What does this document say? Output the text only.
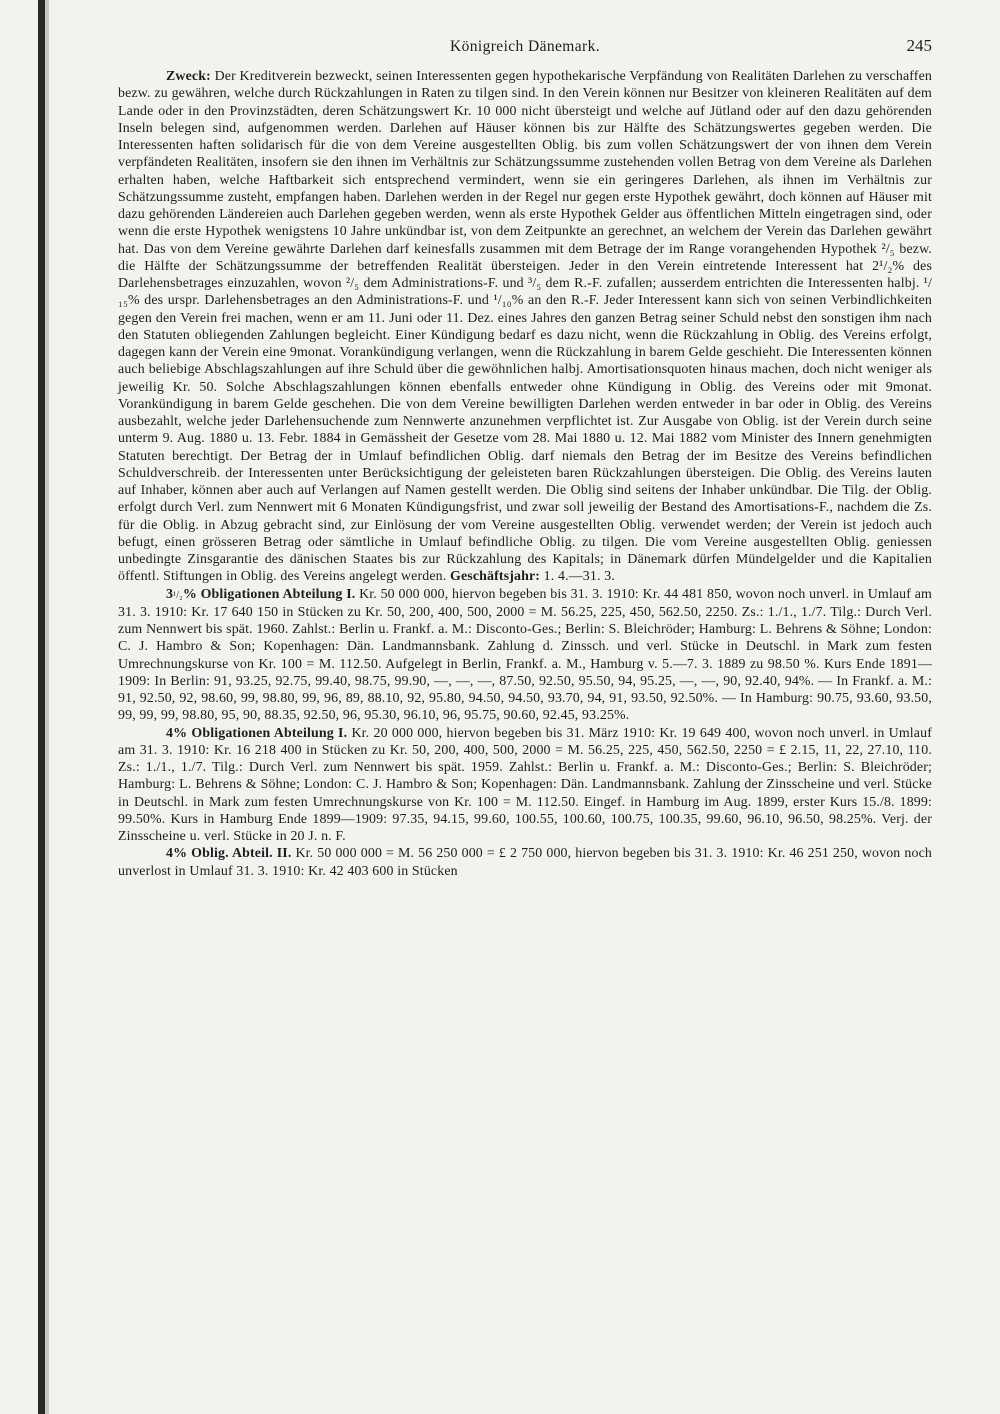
Königreich Dänemark.	245

Zweck: Der Kreditverein bezweckt, seinen Interessenten gegen hypothekarische Verpfändung von Realitäten Darlehen zu verschaffen bezw. zu gewähren, welche durch Rückzahlungen in Raten zu tilgen sind. In den Verein können nur Besitzer von kleineren Realitäten auf dem Lande oder in den Provinzstädten, deren Schätzungswert Kr. 10 000 nicht übersteigt und welche auf Jütland oder auf den dazu gehörenden Inseln belegen sind, aufgenommen werden. Darlehen auf Häuser können bis zur Hälfte des Schätzungswertes gegeben werden. Die Interessenten haften solidarisch für die von dem Vereine ausgestellten Oblig. bis zum vollen Schätzungswert der von ihnen dem Verein verpfändeten Realitäten, insofern sie den ihnen im Verhältnis zur Schätzungssumme zustehenden vollen Betrag von dem Vereine als Darlehen erhalten haben, welche Haftbarkeit sich entsprechend vermindert, wenn sie ein geringeres Darlehen, als ihnen im Verhältnis zur Schätzungssumme zusteht, empfangen haben. Darlehen werden in der Regel nur gegen erste Hypothek gewährt, doch können auf Häuser mit dazu gehörenden Ländereien auch Darlehen gegeben werden, wenn als erste Hypothek Gelder aus öffentlichen Mitteln eingetragen sind, oder wenn die erste Hypothek wenigstens 10 Jahre unkündbar ist, von dem Zeitpunkte an gerechnet, an welchem der Verein das Darlehen gewährt hat. Das von dem Vereine gewährte Darlehen darf keinesfalls zusammen mit dem Betrage der im Range vorangehenden Hypothek ²/₅ bezw. die Hälfte der Schätzungssumme der betreffenden Realität übersteigen. Jeder in den Verein eintretende Interessent hat 2¹/₂% des Darlehensbetrages einzuzahlen, wovon ²/₅ dem Administrations-F. und ³/₅ dem R.-F. zufallen; ausserdem entrichten die Interessenten halbj. ¹/₁₅% des urspr. Darlehensbetrages an den Administrations-F. und ¹/₁₀% an den R.-F. Jeder Interessent kann sich von seinen Verbindlichkeiten gegen den Verein frei machen, wenn er am 11. Juni oder 11. Dez. eines Jahres den ganzen Betrag seiner Schuld nebst den sonstigen ihm nach den Statuten obliegenden Zahlungen begleicht. Einer Kündigung bedarf es dazu nicht, wenn die Rückzahlung in Oblig. des Vereins erfolgt, dagegen kann der Verein eine 9monat. Vorankündigung verlangen, wenn die Rückzahlung in barem Gelde geschieht. Die Interessenten können auch beliebige Abschlagszahlungen auf ihre Schuld über die gewöhnlichen halbj. Amortisationsquoten hinaus machen, doch nicht weniger als jeweilig Kr. 50. Solche Abschlagszahlungen können ebenfalls entweder ohne Kündigung in Oblig. des Vereins oder mit 9monat. Vorankündigung in barem Gelde geschehen. Die von dem Vereine bewilligten Darlehen werden entweder in bar oder in Oblig. des Vereins ausbezahlt, welche jeder Darlehensuchende zum Nennwerte anzunehmen verpflichtet ist. Zur Ausgabe von Oblig. ist der Verein durch seine unterm 9. Aug. 1880 u. 13. Febr. 1884 in Gemässheit der Gesetze vom 28. Mai 1880 u. 12. Mai 1882 vom Minister des Innern genehmigten Statuten berechtigt. Der Betrag der in Umlauf befindlichen Oblig. darf niemals den Betrag der im Besitze des Vereins befindlichen Schuldverschreib. der Interessenten unter Berücksichtigung der geleisteten baren Rückzahlungen übersteigen. Die Oblig. des Vereins lauten auf Inhaber, können aber auch auf Verlangen auf Namen gestellt werden. Die Oblig sind seitens der Inhaber unkündbar. Die Tilg. der Oblig. erfolgt durch Verl. zum Nennwert mit 6 Monaten Kündigungsfrist, und zwar soll jeweilig der Bestand des Amortisations-F., nachdem die Zs. für die Oblig. in Abzug gebracht sind, zur Einlösung der vom Vereine ausgestellten Oblig. verwendet werden; der Verein ist jedoch auch befugt, einen grösseren Betrag oder sämtliche in Umlauf befindliche Oblig. zu tilgen. Die vom Vereine ausgestellten Oblig. geniessen unbedingte Zinsgarantie des dänischen Staates bis zur Rückzahlung des Kapitals; in Dänemark dürfen Mündelgelder und die Kapitalien öffentl. Stiftungen in Oblig. des Vereins angelegt werden. Geschäftsjahr: 1. 4.—31. 3.

3¹/₂% Obligationen Abteilung I. Kr. 50 000 000, hiervon begeben bis 31. 3. 1910: Kr. 44 481 850, wovon noch unverl. in Umlauf am 31. 3. 1910: Kr. 17 640 150 in Stücken zu Kr. 50, 200, 400, 500, 2000 = M. 56.25, 225, 450, 562.50, 2250. Zs.: 1./1., 1./7. Tilg.: Durch Verl. zum Nennwert bis spät. 1960. Zahlst.: Berlin u. Frankf. a. M.: Disconto-Ges.; Berlin: S. Bleichröder; Hamburg: L. Behrens & Söhne; London: C. J. Hambro & Son; Kopenhagen: Dän. Landmannsbank. Zahlung d. Zinssch. und verl. Stücke in Deutschl. in Mark zum festen Umrechnungskurse von Kr. 100 = M. 112.50. Aufgelegt in Berlin, Frankf. a. M., Hamburg v. 5.—7. 3. 1889 zu 98.50 %. Kurs Ende 1891—1909: In Berlin: 91, 93.25, 92.75, 99.40, 98.75, 99.90, —, —, —, 87.50, 92.50, 95.50, 94, 95.25, —, —, 90, 92.40, 94%. — In Frankf. a. M.: 91, 92.50, 92, 98.60, 99, 98.80, 99, 96, 89, 88.10, 92, 95.80, 94.50, 94.50, 93.70, 94, 91, 93.50, 92.50%. — In Hamburg: 90.75, 93.60, 93.50, 99, 99, 99, 98.80, 95, 90, 88.35, 92.50, 96, 95.30, 96.10, 96, 95.75, 90.60, 92.45, 93.25%.

4% Obligationen Abteilung I. Kr. 20 000 000, hiervon begeben bis 31. März 1910: Kr. 19 649 400, wovon noch unverl. in Umlauf am 31. 3. 1910: Kr. 16 218 400 in Stücken zu Kr. 50, 200, 400, 500, 2000 = M. 56.25, 225, 450, 562.50, 2250 = £ 2.15, 11, 22, 27.10, 110. Zs.: 1./1., 1./7. Tilg.: Durch Verl. zum Nennwert bis spät. 1959. Zahlst.: Berlin u. Frankf. a. M.: Disconto-Ges.; Berlin: S. Bleichröder; Hamburg: L. Behrens & Söhne; London: C. J. Hambro & Son; Kopenhagen: Dän. Landmannsbank. Zahlung der Zinsscheine und verl. Stücke in Deutschl. in Mark zum festen Umrechnungskurse von Kr. 100 = M. 112.50. Eingef. in Hamburg im Aug. 1899, erster Kurs 15./8. 1899: 99.50%. Kurs in Hamburg Ende 1899—1909: 97.35, 94.15, 99.60, 100.55, 100.60, 100.75, 100.35, 99.60, 96.10, 96.50, 98.25%. Verj. der Zinsscheine u. verl. Stücke in 20 J. n. F.

4% Oblig. Abteil. II. Kr. 50 000 000 = M. 56 250 000 = £ 2 750 000, hiervon begeben bis 31. 3. 1910: Kr. 46 251 250, wovon noch unverlost in Umlauf 31. 3. 1910: Kr. 42 403 600 in Stücken
